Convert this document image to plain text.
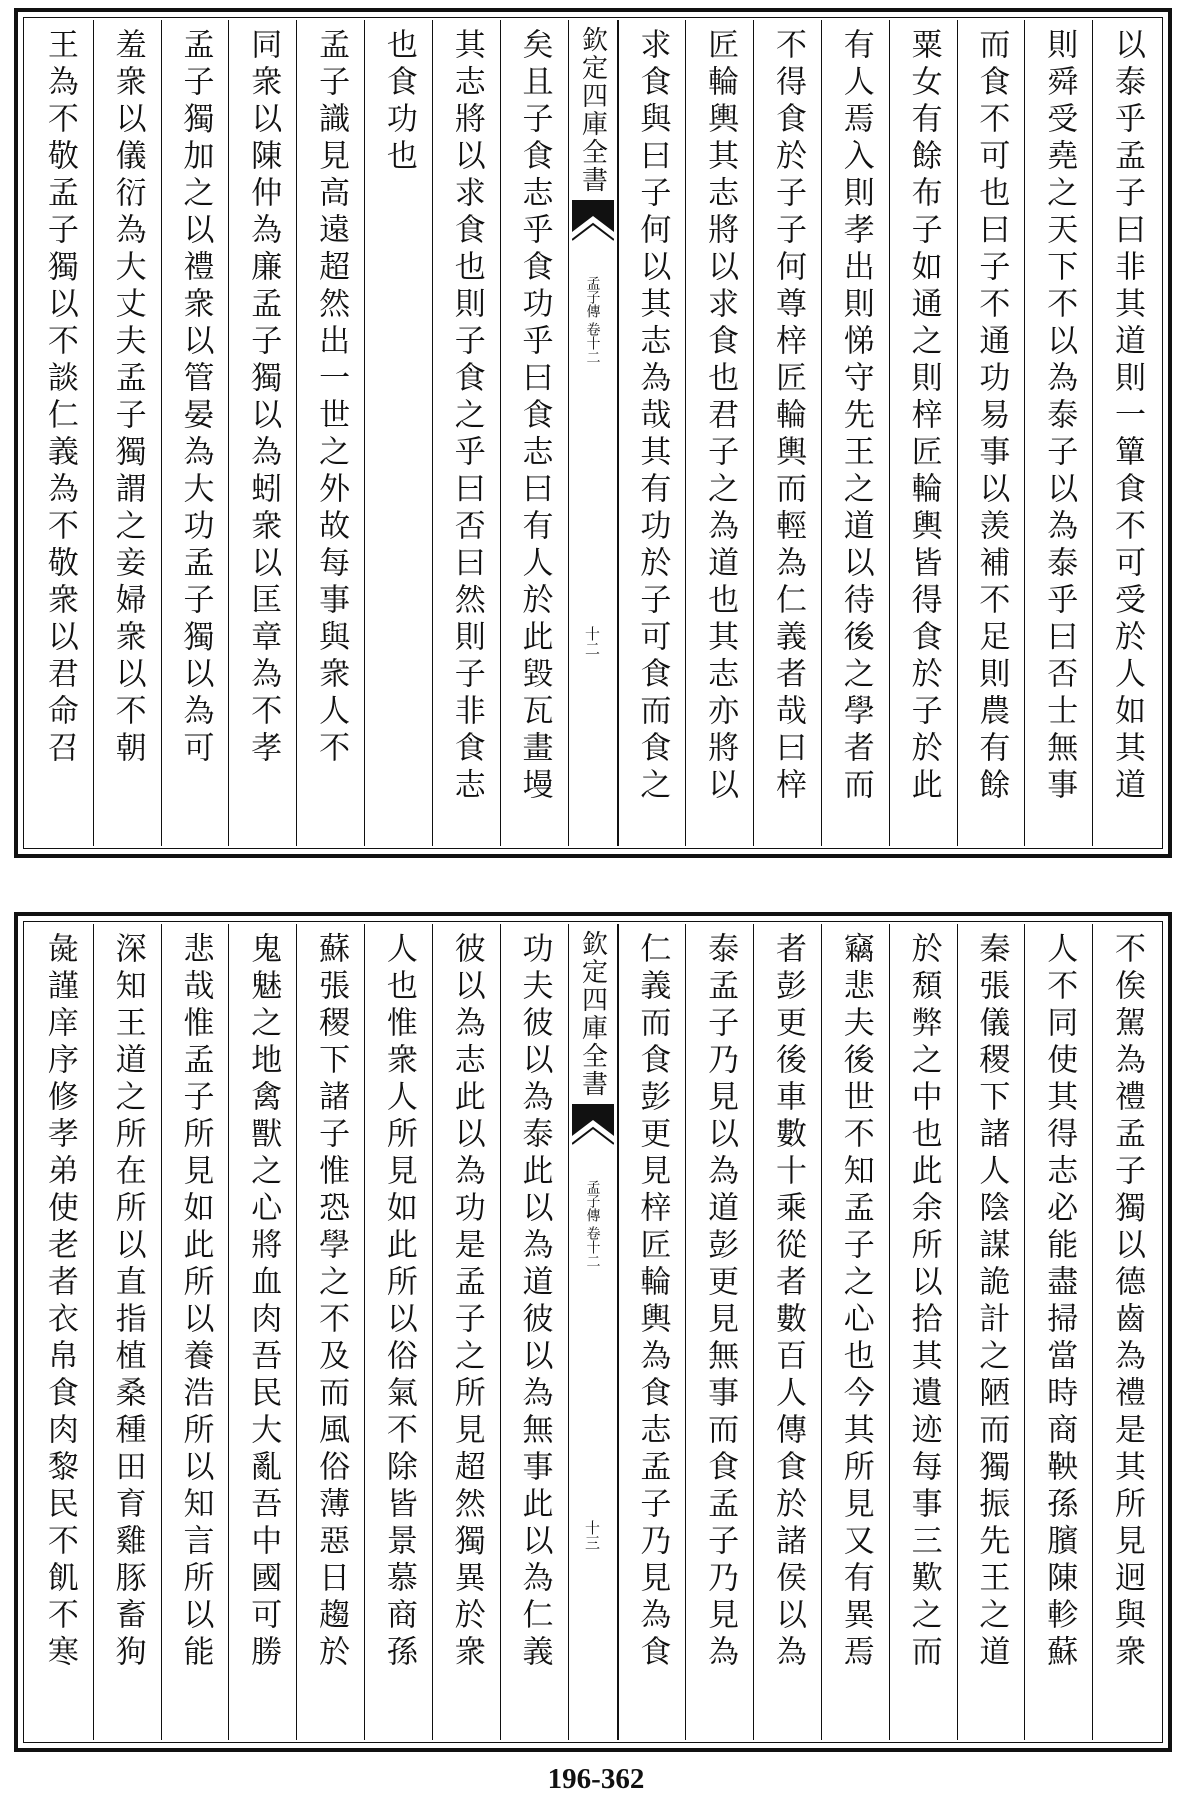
以泰乎孟子曰非其道則一簞食不可受於人如其道
則舜受堯之天下不以為泰子以為泰乎曰否士無事
而食不可也曰子不通功易事以羡補不足則農有餘
粟女有餘布子如通之則梓匠輪輿皆得食於子於此
有人焉入則孝出則悌守先王之道以待後之學者而
不得食於子子何尊梓匠輪輿而輕為仁義者哉曰梓
匠輪輿其志將以求食也君子之為道也其志亦將以
求食與曰子何以其志為哉其有功於子可食而食之
欽定四庫全書
孟子傳
卷十二
十二
矣且子食志乎食功乎曰食志曰有人於此毀瓦畫墁
其志將以求食也則子食之乎曰否曰然則子非食志
也食功也
孟子識見高遠超然出一世之外故每事與衆人不
同衆以陳仲為廉孟子獨以為蚓衆以匡章為不孝
孟子獨加之以禮衆以管晏為大功孟子獨以為可
羞衆以儀衍為大丈夫孟子獨謂之妾婦衆以不朝
王為不敬孟子獨以不談仁義為不敬衆以君命召
不俟駕為禮孟子獨以德齒為禮是其所見迥與衆
人不同使其得志必能盡掃當時商鞅孫臏陳軫蘇
秦張儀稷下諸人陰謀詭計之陋而獨振先王之道
於頹弊之中也此余所以拾其遺迹每事三歎之而
竊悲夫後世不知孟子之心也今其所見又有異焉
者彭更後車數十乘從者數百人傳食於諸侯以為
泰孟子乃見以為道彭更見無事而食孟子乃見為
仁義而食彭更見梓匠輪輿為食志孟子乃見為食
欽定四庫全書
孟子傳
卷十二
十三
功夫彼以為泰此以為道彼以為無事此以為仁義
彼以為志此以為功是孟子之所見超然獨異於衆
人也惟衆人所見如此所以俗氣不除皆景慕商孫
蘇張稷下諸子惟恐學之不及而風俗薄惡日趨於
鬼魅之地禽獸之心將血肉吾民大亂吾中國可勝
悲哉惟孟子所見如此所以養浩所以知言所以能
深知王道之所在所以直指植桑種田育雞豚畜狗
彘謹庠序修孝弟使老者衣帛食肉黎民不飢不寒
196-362
